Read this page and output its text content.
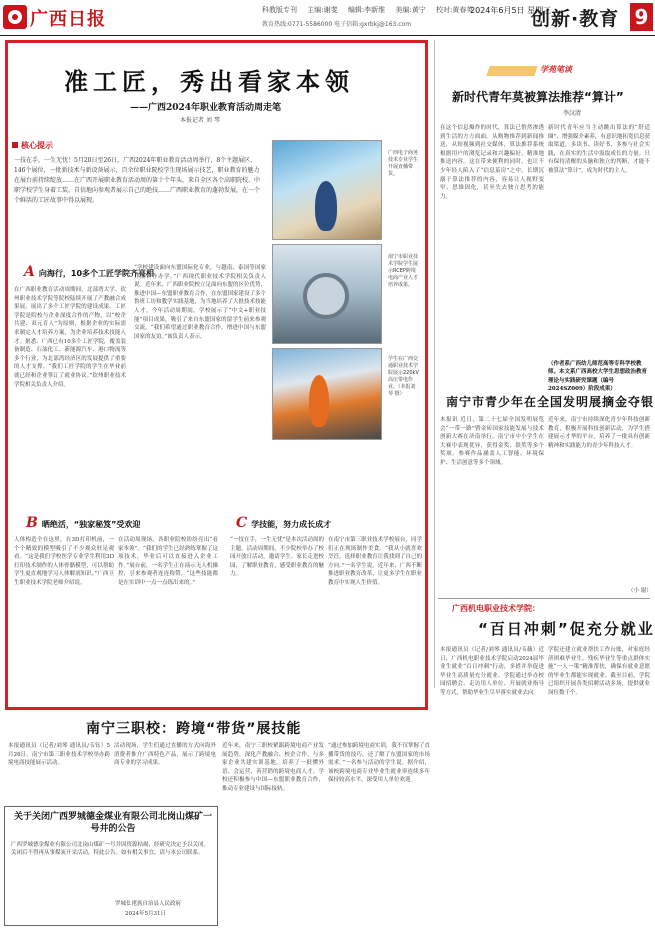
广西日报	科教版专刊 主编:谢斐 编辑:李新维 美编:黄宁 校对:黄春英
教育热线:0771-5586000 电子信箱:gxrbkj@163.com
2024年6月5日 星期三
创新·教育 9
准工匠，秀出看家本领
——广西2024年职业教育活动周走笔
本报记者 刘 琴
核心提示
一技在手，一生无忧！5月20日至26日，广西2024年职业教育活动周举行，8个主题展区、146个展位，一批新技术与新设备展示，百余位职业院校学生现场展示技艺，职业教育的魅力在展台前持续绽放……在广西开展职业教育活动周的第十个年头，来自全区各个高职院校、中职学校学生身着工装、自信地向参观者展示自己的绝技……广西职业教育的蓬勃发展，在一个个鲜活的工匠故事中得以展现。
广西电子商务技术专业学生开展直播带货。
南宁市职业技术学院学生展示RCEP跨境电商产业人才培养成果。
学生在广西交通职业技术学院展示220kV高压带电作业。（本报刘琴 摄）
A向海行，10多个工匠学院齐亮相
在广西职业教育活动周期间，北部湾大学、钦州职业技术学院等院校陆续开展了产教融合成果展，展出了多个工匠学院的建设成果。工匠学院是院校与企业深度合作的产物，以“校企共建、双元育人”为原则，根据企业的实际需求制定人才培养方案，为企业培养技术技能人才。据悉，广西已有10多个工匠学院，覆盖装备制造、石油化工、新能源汽车、港口物流等多个行业，为北部湾经济区的发展提供了重要的人才支撑。“我们工匠学院的学生在毕业前就已经和企业签订了就业协议。”钦州职业技术学院相关负责人介绍。
“学校建设面向东盟国际化专业，与越南、泰国等国家开展合作办学。”广西现代职业技术学院相关负责人说。近年来，广西职业院校立足面向东盟的区位优势，推进中国—东盟职业教育合作，在东盟国家建设了多个鲁班工坊和教学实践基地，为当地培养了大批技术技能人才。今年活动周期间，学校展示了“中文+职业技能”项目成果，吸引了来自东盟国家的留学生前来参观交流。“我们希望通过职业教育合作，增进中国与东盟国家的友谊。”该负责人表示。
B晒绝活，“独家秘笈”受欢迎
人体构造全在这里，在3D打印机前，一个个精致的模型吸引了不少观众驻足观看。“这是我们学校医学专业学生利用3D打印技术制作的人体骨骼模型，可以帮助学生更直观地学习人体解剖知识。”广西卫生职业技术学院老师介绍说。
在活动周现场，各职业院校纷纷亮出“看家本领”。“我们的学生已经熟练掌握了这项技术，毕业后可以直接进入企业工作。”展台前，一名学生正在演示无人机操控，引来参观者连连称赞。“这些技能都是在实训中一点一点练出来的。”
C学技能，努力成长成才
“一技在手，一生无忧”是本次活动周的主题。活动周期间，不少院校举办了校园开放日活动，邀请学生、家长走进校园，了解职业教育，感受职业教育的魅力。
在南宁市第三职业技术学校展台，同学们正在现场制作美食。“我从小就喜欢烹饪，选择职业教育让我找到了自己的方向。”一名学生说。近年来，广西不断推进职业教育改革，让更多学生在职业教育中实现人生价值。
学苑笔谈
新时代青年莫被算法推荐“算计”
李汉清
在这个信息爆炸的时代，算法已悄然渗透到生活的方方面面。从购物推荐到新闻推送，从短视频到社交媒体，算法推荐系统根据用户的浏览记录和兴趣偏好，精准地推送内容。这在带来便利的同时，也让不少年轻人陷入了“信息茧房”之中。长期沉溺于算法推荐的内容，容易让人视野变窄、思维固化，甚至失去独立思考的能力。
新时代青年应当主动跳出算法的“舒适圈”，增强媒介素养，有意识地拓宽信息获取渠道，多读书、读好书，多参与社会实践，在真实的生活中汲取成长的力量。只有保持清醒的头脑和独立的判断，才能不被算法“算计”，成为时代的主人。
（作者系广西幼儿师范高等专科学校教师。本文系广西高校大学生思想政治教育理论与实践研究课题（编号2024SZ009）阶段成果）
南宁市青少年在全国发明展摘金夺银
本报讯 近日，第二十七届全国发明展览会“一带一路”暨金砖国家技能发展与技术创新大赛在济南举行。南宁市中小学生在大赛中表现优异，获得金奖、银奖等多个奖项。参赛作品涵盖人工智能、环境保护、生活创意等多个领域。
近年来，南宁市持续深化青少年科技创新教育，积极开展科技创新活动，为学生搭建展示才华的平台，培养了一批具有创新精神和实践能力的青少年科技人才。
（小 谢）
广西机电职业技术学院：
“百日冲刺”促充分就业
本报通讯员（记者/刘琴 通讯员/韦薇）近日，广西机电职业技术学院启动2024届毕业生就业“百日冲刺”行动，多措并举促进毕业生高质量充分就业。学院通过举办校园招聘会、走访用人单位、开展就业指导等方式，帮助毕业生尽早落实就业去向。
学院还建立就业帮扶工作台账，对家庭经济困难毕业生、残疾毕业生等重点群体实施“一人一策”精准帮扶，确保有就业意愿的毕业生都能实现就业。截至目前，学院已组织开展各类招聘活动多场，提供就业岗位数千个。
南宁三职校：跨境“带货”展技能
本报通讯员（记者/刘琴 通讯员/韦钰）5月26日，南宁市第三职业技术学校举办跨境电商技能展示活动。
活动现场，学生们通过直播的方式向海外消费者推介广西特色产品，展示了跨境电商专业的学习成果。
近年来，南宁三职校紧跟跨境电商产业发展趋势，深化产教融合、校企合作，与多家企业共建实训基地，培养了一批懂外语、会运营、善营销的跨境电商人才。学校还积极参与中国—东盟职业教育合作，推动专业建设与国际接轨。
“通过参加跨境电商实训，我不仅掌握了直播带货的技巧，还了解了东盟国家的市场需求。”一名参与活动的学生说。据介绍，该校跨境电商专业毕业生就业率连续多年保持较高水平，深受用人单位欢迎。
关于关闭广西罗城德金煤业有限公司北岗山煤矿一号井的公告
广西罗城德金煤业有限公司北岗山煤矿一号井因资源枯竭，经研究决定予以关闭。关闭后不得再从事煤炭开采活动，特此公告。如有相关事宜，请与本公司联系。
罗城仫佬族自治县人民政府
2024年5月31日
